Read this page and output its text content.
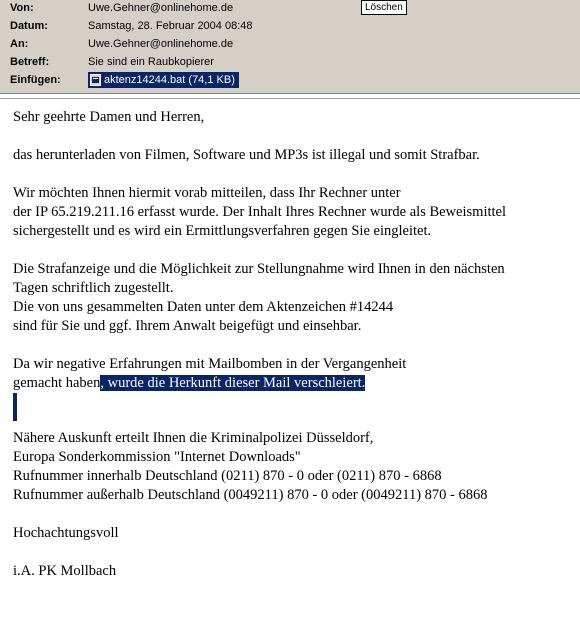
Von:	Uwe.Gehner@onlinehome.de	Löschen
Datum:	Samstag, 28. Februar 2004 08:48
An:	Uwe.Gehner@onlinehome.de
Betreff:	Sie sind ein Raubkopierer
Einfügen:	aktenz14244.bat (74,1 KB)

Sehr geehrte Damen und Herren,

das herunterladen von Filmen, Software und MP3s ist illegal und somit Strafbar.

Wir möchten Ihnen hiermit vorab mitteilen, dass Ihr Rechner unter
der IP 65.219.211.16 erfasst wurde. Der Inhalt Ihres Rechner wurde als Beweismittel
sichergestellt und es wird ein Ermittlungsverfahren gegen Sie eingleitet.

Die Strafanzeige und die Möglichkeit zur Stellungnahme wird Ihnen in den nächsten
Tagen schriftlich zugestellt.
Die von uns gesammelten Daten unter dem Aktenzeichen #14244
sind für Sie und ggf. Ihrem Anwalt beigefügt und einsehbar.

Da wir negative Erfahrungen mit Mailbomben in der Vergangenheit
gemacht haben, wurde die Herkunft dieser Mail verschleiert.

Nähere Auskunft erteilt Ihnen die Kriminalpolizei Düsseldorf,
Europa Sonderkommission "Internet Downloads"
Rufnummer innerhalb Deutschland (0211) 870 - 0 oder (0211) 870 - 6868
Rufnummer außerhalb Deutschland (0049211) 870 - 0 oder (0049211) 870 - 6868

Hochachtungsvoll

i.A. PK Mollbach
